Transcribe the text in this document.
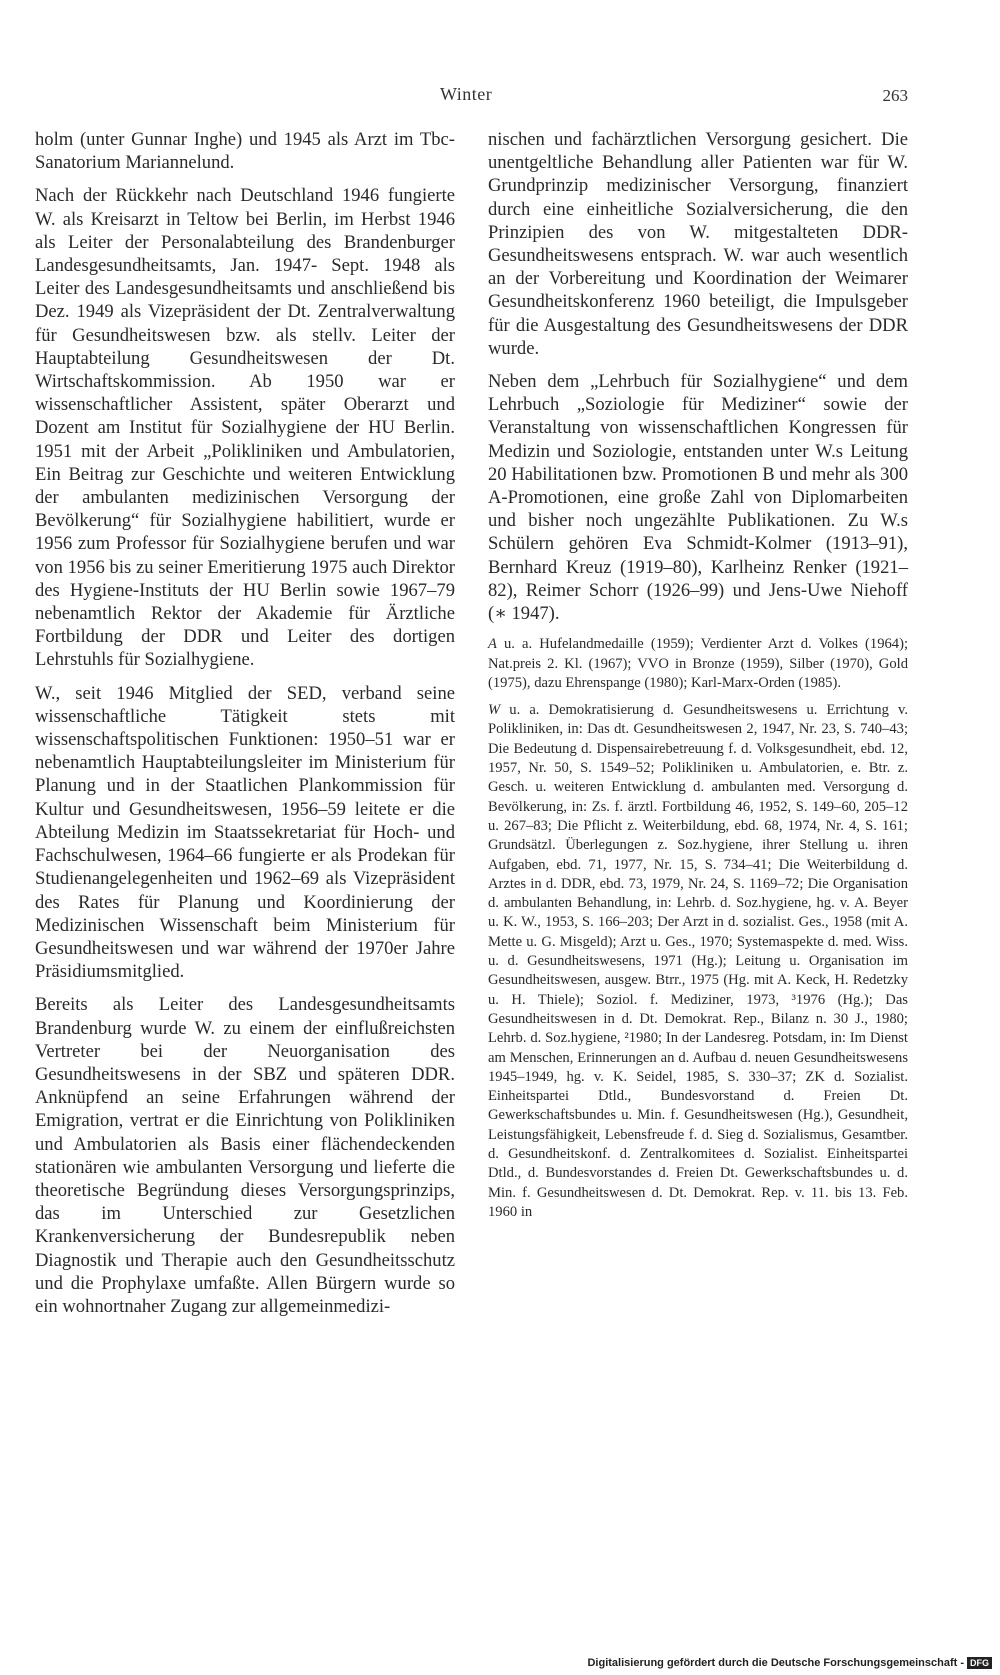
Winter	263

holm (unter Gunnar Inghe) und 1945 als Arzt im Tbc-Sanatorium Mariannelund.

Nach der Rückkehr nach Deutschland 1946 fungierte W. als Kreisarzt in Teltow bei Berlin, im Herbst 1946 als Leiter der Personalabteilung des Brandenburger Landesgesundheitsamts, Jan. 1947- Sept. 1948 als Leiter des Landesgesundheitsamts und anschließend bis Dez. 1949 als Vizepräsident der Dt. Zentralverwaltung für Gesundheitswesen bzw. als stellv. Leiter der Hauptabteilung Gesundheitswesen der Dt. Wirtschaftskommission. Ab 1950 war er wissenschaftlicher Assistent, später Oberarzt und Dozent am Institut für Sozialhygiene der HU Berlin. 1951 mit der Arbeit „Polikliniken und Ambulatorien, Ein Beitrag zur Geschichte und weiteren Entwicklung der ambulanten medizinischen Versorgung der Bevölkerung“ für Sozialhygiene habilitiert, wurde er 1956 zum Professor für Sozialhygiene berufen und war von 1956 bis zu seiner Emeritierung 1975 auch Direktor des Hygiene-Instituts der HU Berlin sowie 1967–79 nebenamtlich Rektor der Akademie für Ärztliche Fortbildung der DDR und Leiter des dortigen Lehrstuhls für Sozialhygiene.

W., seit 1946 Mitglied der SED, verband seine wissenschaftliche Tätigkeit stets mit wissenschaftspolitischen Funktionen: 1950–51 war er nebenamtlich Hauptabteilungsleiter im Ministerium für Planung und in der Staatlichen Plankommission für Kultur und Gesundheitswesen, 1956–59 leitete er die Abteilung Medizin im Staatssekretariat für Hoch- und Fachschulwesen, 1964–66 fungierte er als Prodekan für Studienangelegenheiten und 1962–69 als Vizepräsident des Rates für Planung und Koordinierung der Medizinischen Wissenschaft beim Ministerium für Gesundheitswesen und war während der 1970er Jahre Präsidiumsmitglied.

Bereits als Leiter des Landesgesundheitsamts Brandenburg wurde W. zu einem der einflußreichsten Vertreter bei der Neuorganisation des Gesundheitswesens in der SBZ und späteren DDR. Anknüpfend an seine Erfahrungen während der Emigration, vertrat er die Einrichtung von Polikliniken und Ambulatorien als Basis einer flächendeckenden stationären wie ambulanten Versorgung und lieferte die theoretische Begründung dieses Versorgungsprinzips, das im Unterschied zur Gesetzlichen Krankenversicherung der Bundesrepublik neben Diagnostik und Therapie auch den Gesundheitsschutz und die Prophylaxe umfaßte. Allen Bürgern wurde so ein wohnortnaher Zugang zur allgemeinmedizi-

nischen und fachärztlichen Versorgung gesichert. Die unentgeltliche Behandlung aller Patienten war für W. Grundprinzip medizinischer Versorgung, finanziert durch eine einheitliche Sozialversicherung, die den Prinzipien des von W. mitgestalteten DDR-Gesundheitswesens entsprach. W. war auch wesentlich an der Vorbereitung und Koordination der Weimarer Gesundheitskonferenz 1960 beteiligt, die Impulsgeber für die Ausgestaltung des Gesundheitswesens der DDR wurde.

Neben dem „Lehrbuch für Sozialhygiene“ und dem Lehrbuch „Soziologie für Mediziner“ sowie der Veranstaltung von wissenschaftlichen Kongressen für Medizin und Soziologie, entstanden unter W.s Leitung 20 Habilitationen bzw. Promotionen B und mehr als 300 A-Promotionen, eine große Zahl von Diplomarbeiten und bisher noch ungezählte Publikationen. Zu W.s Schülern gehören Eva Schmidt-Kolmer (1913–91), Bernhard Kreuz (1919–80), Karlheinz Renker (1921–82), Reimer Schorr (1926–99) und Jens-Uwe Niehoff (∗ 1947).

A u. a. Hufelandmedaille (1959); Verdienter Arzt d. Volkes (1964); Nat.preis 2. Kl. (1967); VVO in Bronze (1959), Silber (1970), Gold (1975), dazu Ehrenspange (1980); Karl-Marx-Orden (1985).

W u. a. Demokratisierung d. Gesundheitswesens u. Errichtung v. Polikliniken, in: Das dt. Gesundheitswesen 2, 1947, Nr. 23, S. 740–43; Die Bedeutung d. Dispensairebetreuung f. d. Volksgesundheit, ebd. 12, 1957, Nr. 50, S. 1549–52; Polikliniken u. Ambulatorien, e. Btr. z. Gesch. u. weiteren Entwicklung d. ambulanten med. Versorgung d. Bevölkerung, in: Zs. f. ärztl. Fortbildung 46, 1952, S. 149–60, 205–12 u. 267–83; Die Pflicht z. Weiterbildung, ebd. 68, 1974, Nr. 4, S. 161; Grundsätzl. Überlegungen z. Soz.hygiene, ihrer Stellung u. ihren Aufgaben, ebd. 71, 1977, Nr. 15, S. 734–41; Die Weiterbildung d. Arztes in d. DDR, ebd. 73, 1979, Nr. 24, S. 1169–72; Die Organisation d. ambulanten Behandlung, in: Lehrb. d. Soz.hygiene, hg. v. A. Beyer u. K. W., 1953, S. 166–203; Der Arzt in d. sozialist. Ges., 1958 (mit A. Mette u. G. Misgeld); Arzt u. Ges., 1970; Systemaspekte d. med. Wiss. u. d. Gesundheitswesens, 1971 (Hg.); Leitung u. Organisation im Gesundheitswesen, ausgew. Btrr., 1975 (Hg. mit A. Keck, H. Redetzky u. H. Thiele); Soziol. f. Mediziner, 1973, ³1976 (Hg.); Das Gesundheitswesen in d. Dt. Demokrat. Rep., Bilanz n. 30 J., 1980; Lehrb. d. Soz.hygiene, ²1980; In der Landesreg. Potsdam, in: Im Dienst am Menschen, Erinnerungen an d. Aufbau d. neuen Gesundheitswesens 1945–1949, hg. v. K. Seidel, 1985, S. 330–37; ZK d. Sozialist. Einheitspartei Dtld., Bundesvorstand d. Freien Dt. Gewerkschaftsbundes u. Min. f. Gesundheitswesen (Hg.), Gesundheit, Leistungsfähigkeit, Lebensfreude f. d. Sieg d. Sozialismus, Gesamtber. d. Gesundheitskonf. d. Zentralkomitees d. Sozialist. Einheitspartei Dtld., d. Bundesvorstandes d. Freien Dt. Gewerkschaftsbundes u. d. Min. f. Gesundheitswesen d. Dt. Demokrat. Rep. v. 11. bis 13. Feb. 1960 in

Digitalisierung gefördert durch die Deutsche Forschungsgemeinschaft - DFG
